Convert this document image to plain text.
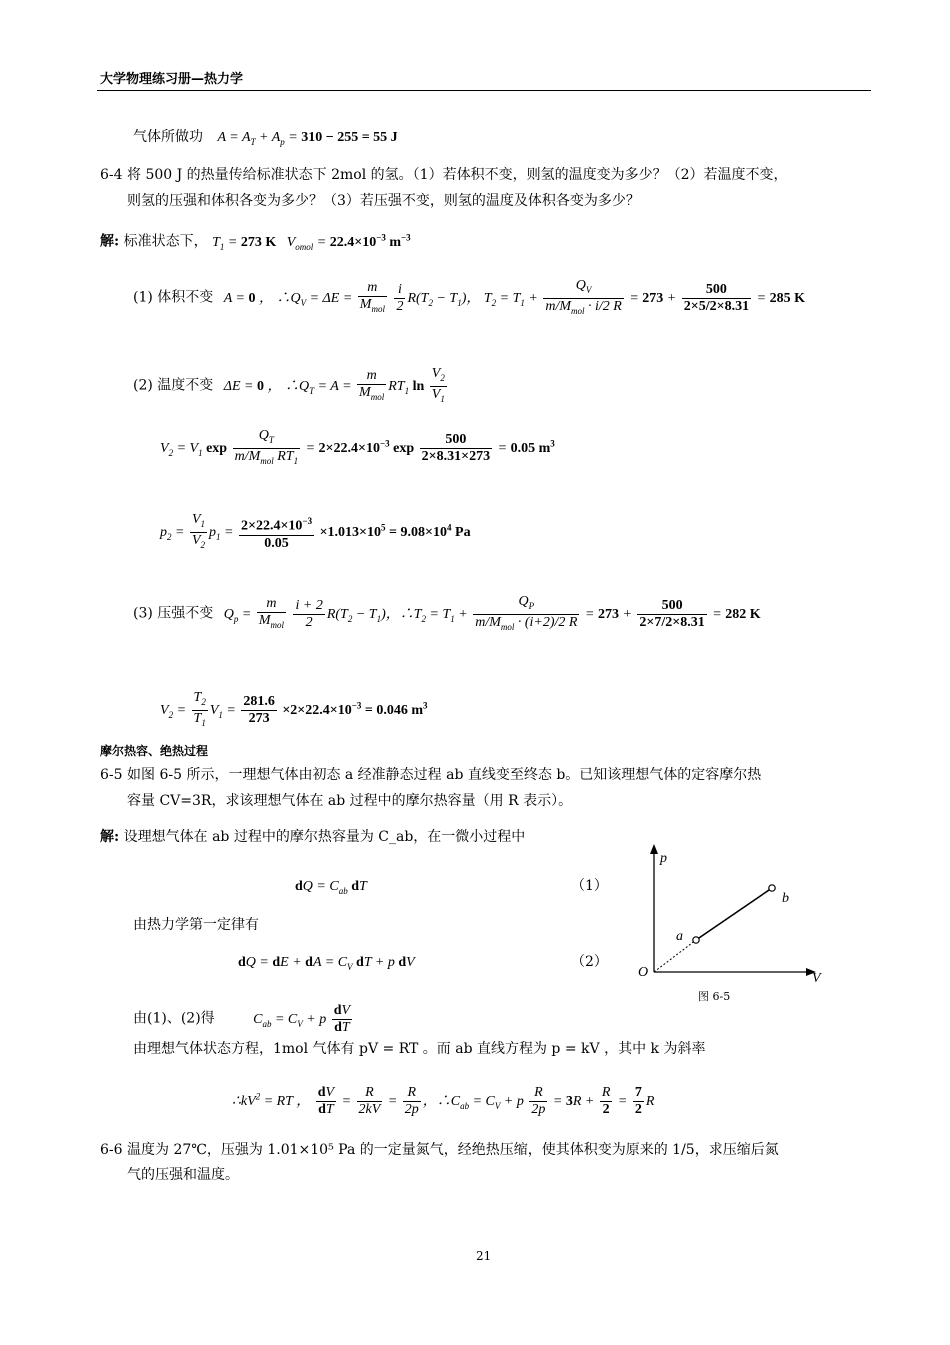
大学物理练习册—热力学
气体所做功 $A = A_T + A_p = 310 - 255 = 55$ J
6-4 将 500 J 的热量传给标准状态下 2mol 的氢。（1）若体积不变，则氢的温度变为多少？（2）若温度不变，
则氢的压强和体积各变为多少？（3）若压强不变，则氢的温度及体积各变为多少？
解: 标准状态下， $T_1 = 273$ K   $V_{omol} = 22.4\times 10^{-3}$ $m^{-3}$
(1) 体积不变 A = 0 ， $\therefore Q_V = \Delta E = \frac{m}{M_{mol}}$
$\frac{i}{2} R(T_2 - T_1)$， $T_2 = T_1 + \frac{Q_V}{m/M_{mol} \cdot i/2 R} = 273 + \frac{500}{2\times 5/2\times 8.31} = 285$ K
(2) 温度不变 ΔE = 0 ， $\therefore Q_T = A = \frac{m}{M_{mol}} RT_1$ $\ln \frac{V_2}{V_1}$
$V_2 = V_1$ $\exp \frac{Q_T}{m/M_{mol} RT_1} = 2\times 22.4\times 10^{-3}$ $\exp \frac{500}{2\times 8.31\times 273} = 0.05$ $m^3$
$p_2 = \frac{V_1}{V_2} p_1 = \frac{2\times 22.4\times 10^{-3}}{0.05} \times 1.013\times 10^5 = 9.08\times 10^4$ Pa
(3) 压强不变 $Q_p = \frac{m}{M_{mol}}$
$\frac{i + 2}{2} R(T_2 - T_1)$，$\therefore T_2 = T_1 + \frac{Q_P}{m/M_{mol} \cdot (i+2)/2 R} = 273 + \frac{500}{2\times 7/2\times 8.31} = 282$ K
$V_2 = \frac{T_2}{T_1} V_1 = \frac{281.6}{273} \times 2\times 22.4\times 10^{-3} = 0.046$ $m^3$
摩尔热容、绝热过程
6-5 如图 6-5 所示，一理想气体由初态 a 经准静态过程 ab 直线变至终态 b。已知该理想气体的定容摩尔热
容量 CV=3R，求该理想气体在 ab 过程中的摩尔热容量（用 R 表示）。
解: 设理想气体在 ab 过程中的摩尔热容量为 C_ab，在一微小过程中
dQ = $C_{ab}$ dT	（1）
由热力学第一定律有
dQ = dE + dA = $C_V$ dT + p dV	（2）
由(1)、(2)得	$C_{ab} = C_V + p \frac{dV}{dT}$
由理想气体状态方程，1mol 气体有 pV = RT 。而 ab 直线方程为 p = kV ，其中 k 为斜率
$\therefore kV^2$ = RT ， $\frac{dV}{dT} = \frac{R}{2kV} = \frac{R}{2p}$ ，$\therefore C_{ab} = C_V + p \frac{R}{2p} = 3R + \frac{R}{2} = \frac{7}{2}$ R
p
V
O
a
b
图 6-5
6-6 温度为 27℃，压强为 1.01×10⁵ Pa 的一定量氮气，经绝热压缩，使其体积变为原来的 1/5，求压缩后氮
气的压强和温度。
21
